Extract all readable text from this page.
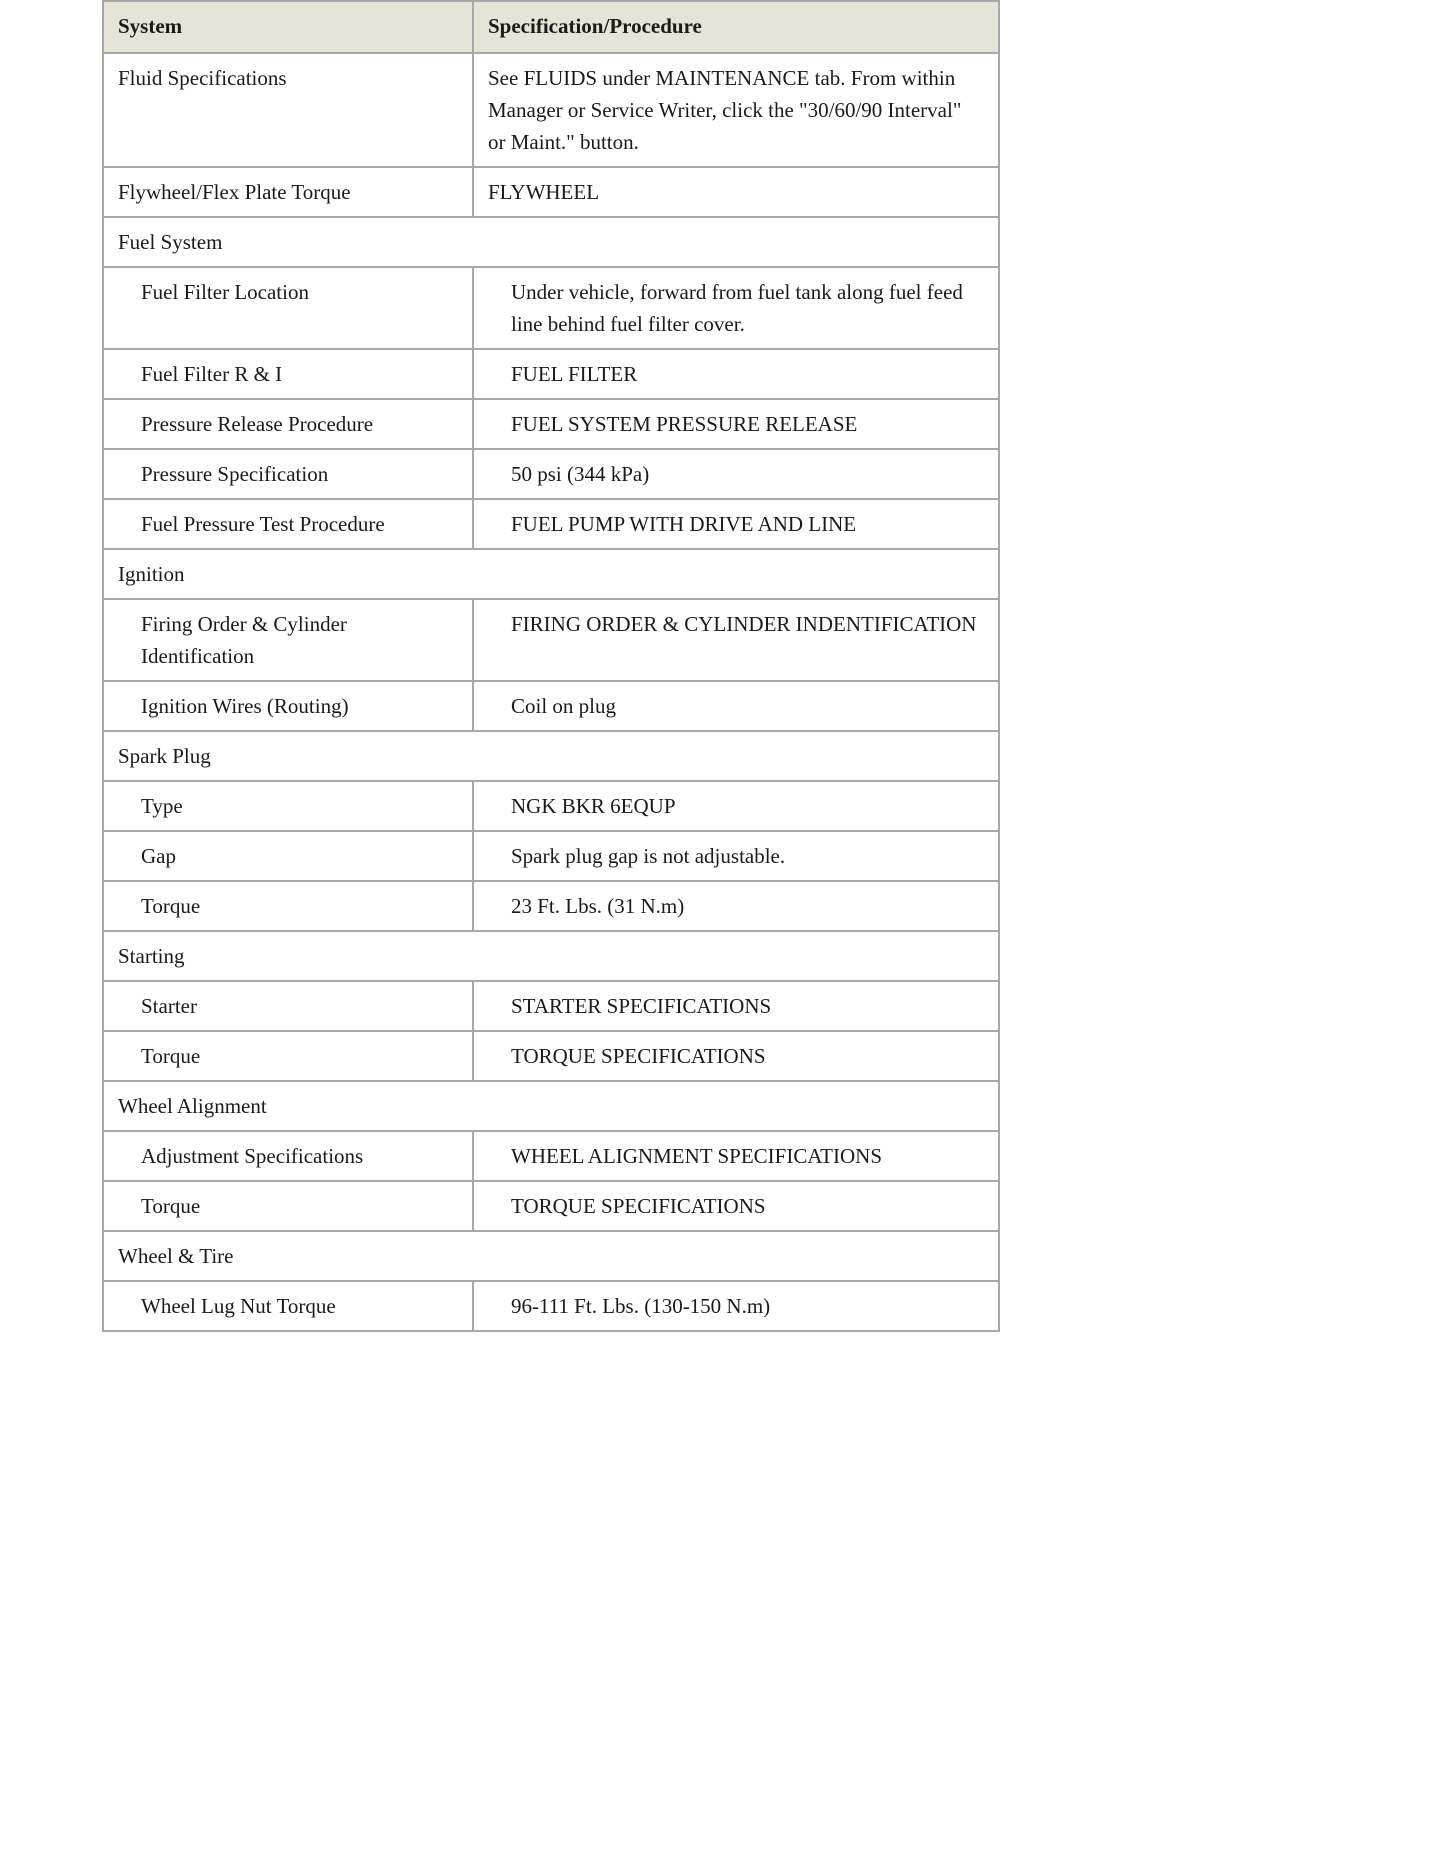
System	Specification/Procedure
Fluid Specifications	See FLUIDS under MAINTENANCE tab. From within Manager or Service Writer, click the "30/60/90 Interval" or Maint." button.
Flywheel/Flex Plate Torque	FLYWHEEL
Fuel System	
Fuel Filter Location	Under vehicle, forward from fuel tank along fuel feed line behind fuel filter cover.
Fuel Filter R & I	FUEL FILTER
Pressure Release Procedure	FUEL SYSTEM PRESSURE RELEASE
Pressure Specification	50 psi (344 kPa)
Fuel Pressure Test Procedure	FUEL PUMP WITH DRIVE AND LINE
Ignition	
Firing Order & Cylinder Identification	FIRING ORDER & CYLINDER INDENTIFICATION
Ignition Wires (Routing)	Coil on plug
Spark Plug	
Type	NGK BKR 6EQUP
Gap	Spark plug gap is not adjustable.
Torque	23 Ft. Lbs. (31 N.m)
Starting	
Starter	STARTER SPECIFICATIONS
Torque	TORQUE SPECIFICATIONS
Wheel Alignment	
Adjustment Specifications	WHEEL ALIGNMENT SPECIFICATIONS
Torque	TORQUE SPECIFICATIONS
Wheel & Tire	
Wheel Lug Nut Torque	96-111 Ft. Lbs. (130-150 N.m)
